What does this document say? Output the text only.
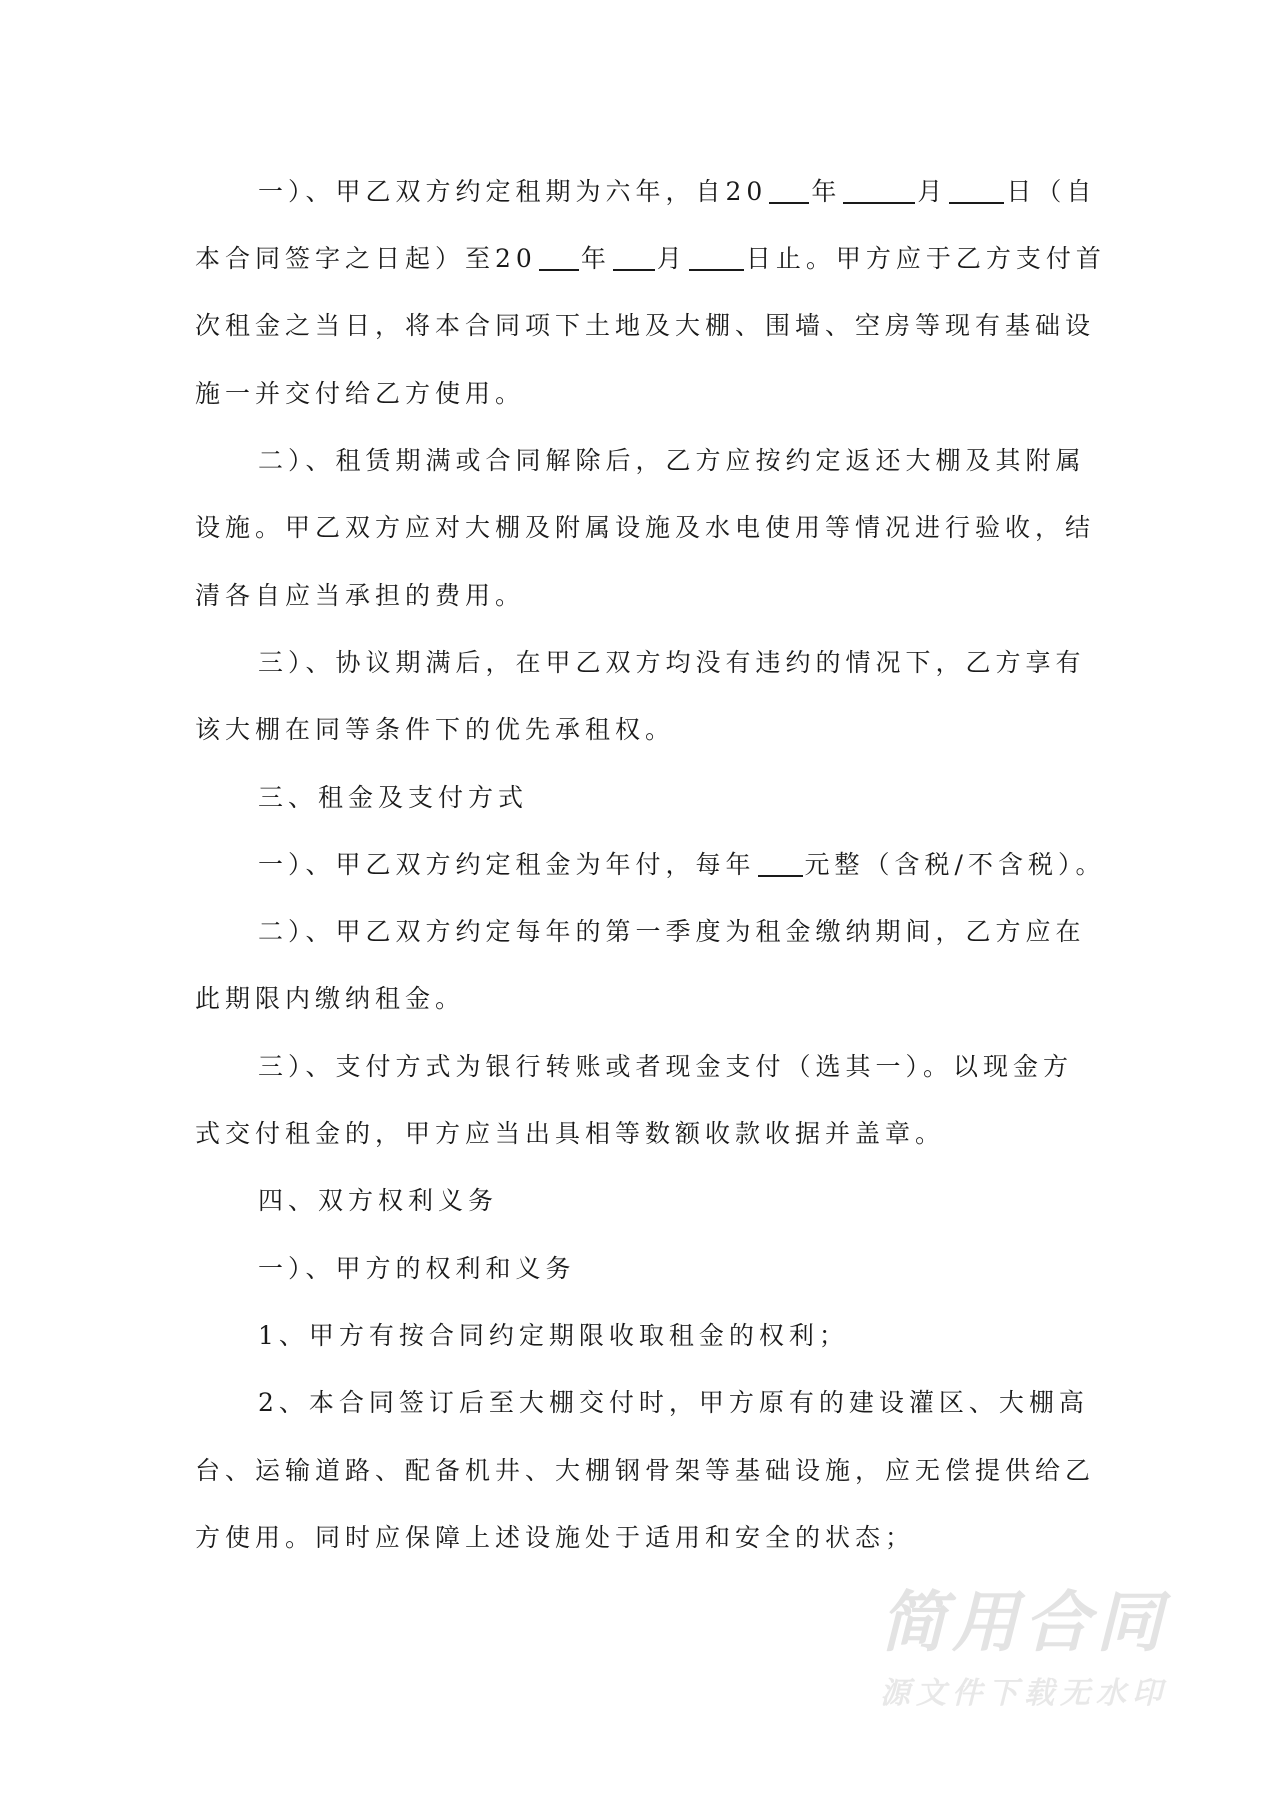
一）、甲乙双方约定租期为六年，自20 年	月 日（自
本合同签字之日起）至20 年 月 日止。甲方应于乙方支付首
次租金之当日，将本合同项下土地及大棚、围墙、空房等现有基础设
施一并交付给乙方使用。
二）、租赁期满或合同解除后，乙方应按约定返还大棚及其附属
设施。甲乙双方应对大棚及附属设施及水电使用等情况进行验收，结
清各自应当承担的费用。
三）、协议期满后，在甲乙双方均没有违约的情况下，乙方享有
该大棚在同等条件下的优先承租权。
三、租金及支付方式
一）、甲乙双方约定租金为年付，每年 元整（含税/不含税）。
二）、甲乙双方约定每年的第一季度为租金缴纳期间，乙方应在
此期限内缴纳租金。
三）、支付方式为银行转账或者现金支付（选其一）。以现金方
式交付租金的，甲方应当出具相等数额收款收据并盖章。
四、双方权利义务
一）、甲方的权利和义务
1、甲方有按合同约定期限收取租金的权利；
2、本合同签订后至大棚交付时，甲方原有的建设灌区、大棚高
台、运输道路、配备机井、大棚钢骨架等基础设施，应无偿提供给乙
方使用。同时应保障上述设施处于适用和安全的状态；
简用合同
源文件下载无水印
